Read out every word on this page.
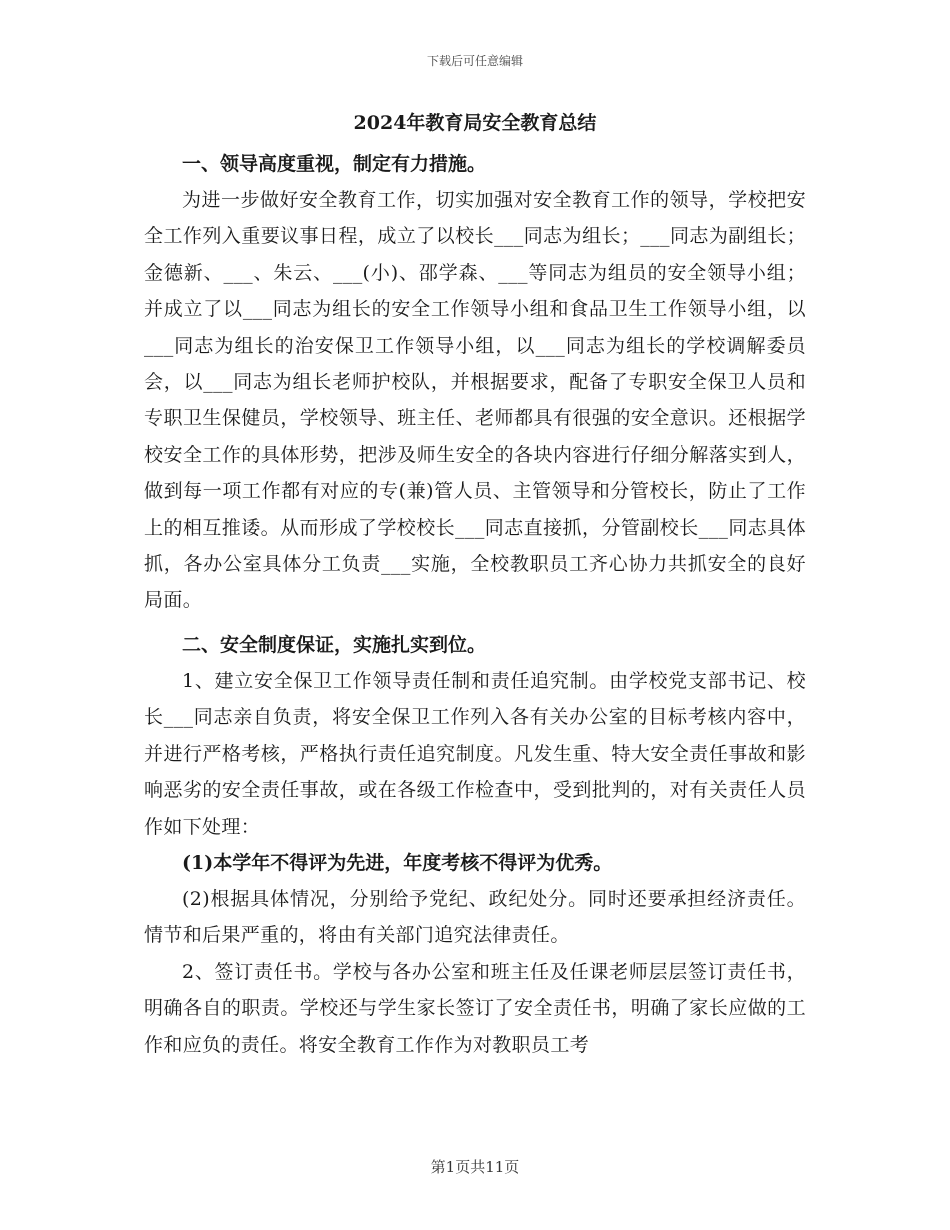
下载后可任意编辑
2024年教育局安全教育总结
一、领导高度重视，制定有力措施。

为进一步做好安全教育工作，切实加强对安全教育工作的领导，学校把安全工作列入重要议事日程，成立了以校长___同志为组长；___同志为副组长；金德新、___、朱云、___(小)、邵学森、___等同志为组员的安全领导小组；并成立了以___同志为组长的安全工作领导小组和食品卫生工作领导小组，以___同志为组长的治安保卫工作领导小组，以___同志为组长的学校调解委员会，以___同志为组长老师护校队，并根据要求，配备了专职安全保卫人员和专职卫生保健员，学校领导、班主任、老师都具有很强的安全意识。还根据学校安全工作的具体形势，把涉及师生安全的各块内容进行仔细分解落实到人，做到每一项工作都有对应的专(兼)管人员、主管领导和分管校长，防止了工作上的相互推诿。从而形成了学校校长___同志直接抓，分管副校长___同志具体抓，各办公室具体分工负责___实施，全校教职员工齐心协力共抓安全的良好局面。

二、安全制度保证，实施扎实到位。

1、建立安全保卫工作领导责任制和责任追究制。由学校党支部书记、校长___同志亲自负责，将安全保卫工作列入各有关办公室的目标考核内容中，并进行严格考核，严格执行责任追究制度。凡发生重、特大安全责任事故和影响恶劣的安全责任事故，或在各级工作检查中，受到批判的，对有关责任人员作如下处理：

(1)本学年不得评为先进，年度考核不得评为优秀。

(2)根据具体情况，分别给予党纪、政纪处分。同时还要承担经济责任。情节和后果严重的，将由有关部门追究法律责任。

2、签订责任书。学校与各办公室和班主任及任课老师层层签订责任书，明确各自的职责。学校还与学生家长签订了安全责任书，明确了家长应做的工作和应负的责任。将安全教育工作作为对教职员工考

第1页共11页
